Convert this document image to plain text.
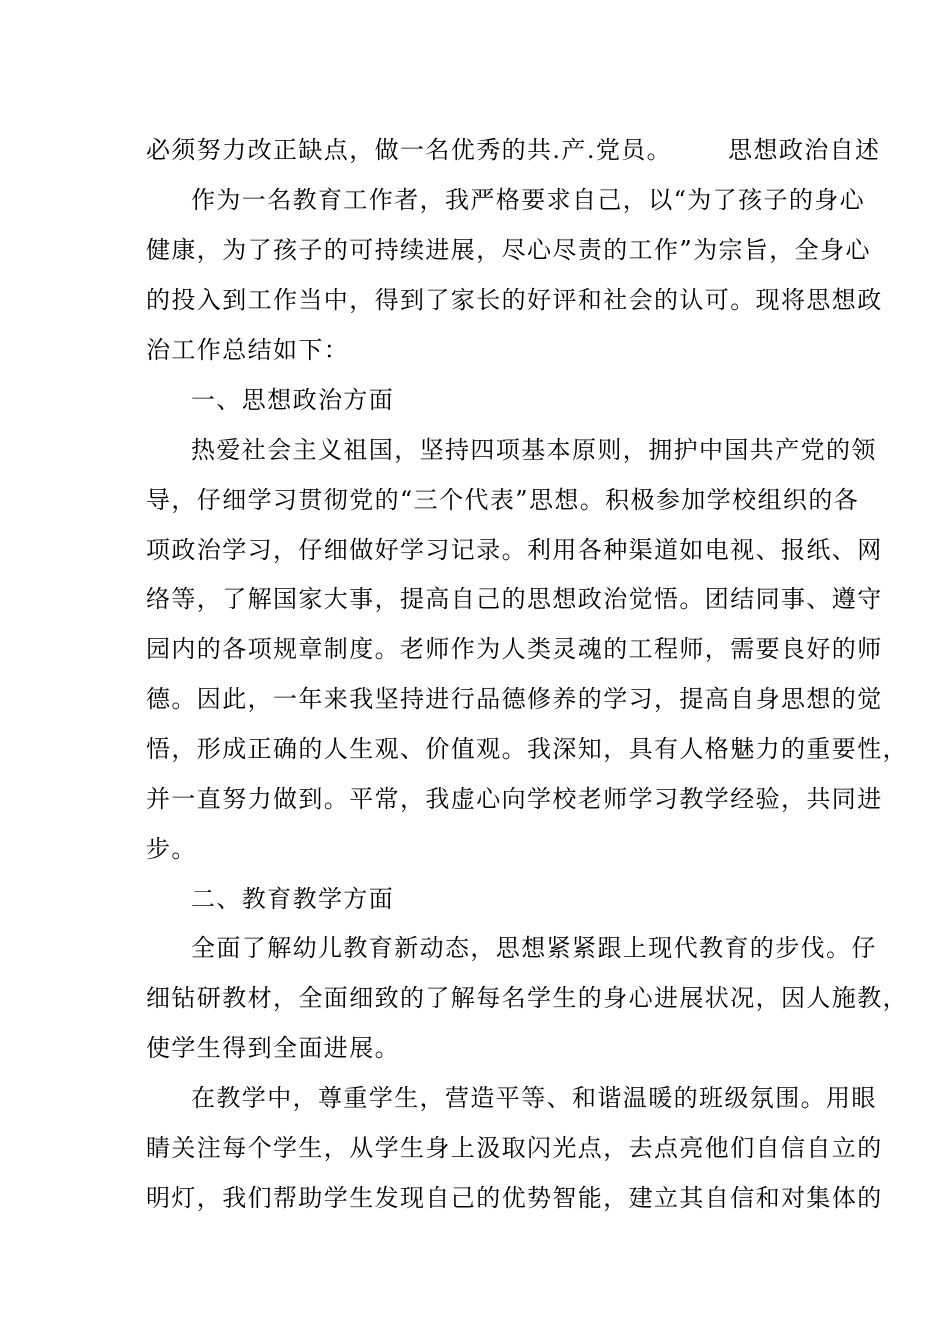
必须努力改正缺点，做一名优秀的共.产.党员。 思想政治自述

作为一名教育工作者，我严格要求自己，以“为了孩子的身心

健康，为了孩子的可持续进展，尽心尽责的工作”为宗旨，全身心

的投入到工作当中，得到了家长的好评和社会的认可。现将思想政

治工作总结如下：

一、思想政治方面

热爱社会主义祖国，坚持四项基本原则，拥护中国共产党的领

导，仔细学习贯彻党的“三个代表”思想。积极参加学校组织的各

项政治学习，仔细做好学习记录。利用各种渠道如电视、报纸、网

络等，了解国家大事，提高自己的思想政治觉悟。团结同事、遵守

园内的各项规章制度。老师作为人类灵魂的工程师，需要良好的师

德。因此，一年来我坚持进行品德修养的学习，提高自身思想的觉

悟，形成正确的人生观、价值观。我深知，具有人格魅力的重要性，

并一直努力做到。平常，我虚心向学校老师学习教学经验，共同进

步。

二、教育教学方面

全面了解幼儿教育新动态，思想紧紧跟上现代教育的步伐。仔

细钻研教材，全面细致的了解每名学生的身心进展状况，因人施教，

使学生得到全面进展。

在教学中，尊重学生，营造平等、和谐温暖的班级氛围。用眼

睛关注每个学生，从学生身上汲取闪光点，去点亮他们自信自立的

明灯，我们帮助学生发现自己的优势智能，建立其自信和对集体的
